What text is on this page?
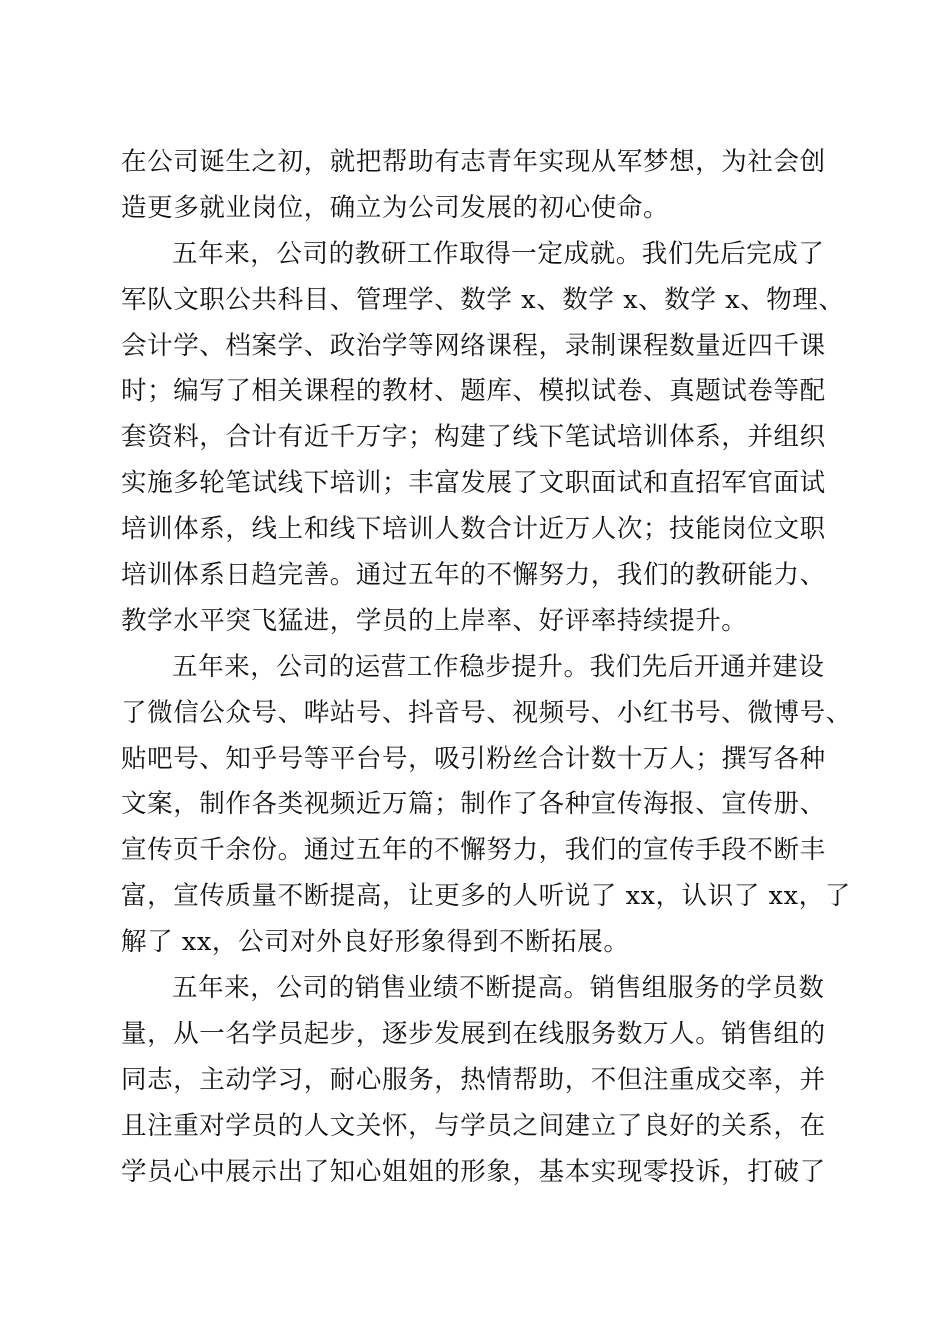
在公司诞生之初，就把帮助有志青年实现从军梦想，为社会创
造更多就业岗位，确立为公司发展的初心使命。
五年来，公司的教研工作取得一定成就。我们先后完成了
军队文职公共科目、管理学、数学 x、数学 x、数学 x、物理、
会计学、档案学、政治学等网络课程，录制课程数量近四千课
时；编写了相关课程的教材、题库、模拟试卷、真题试卷等配
套资料，合计有近千万字；构建了线下笔试培训体系，并组织
实施多轮笔试线下培训；丰富发展了文职面试和直招军官面试
培训体系，线上和线下培训人数合计近万人次；技能岗位文职
培训体系日趋完善。通过五年的不懈努力，我们的教研能力、
教学水平突飞猛进，学员的上岸率、好评率持续提升。
五年来，公司的运营工作稳步提升。我们先后开通并建设
了微信公众号、哔站号、抖音号、视频号、小红书号、微博号、
贴吧号、知乎号等平台号，吸引粉丝合计数十万人；撰写各种
文案，制作各类视频近万篇；制作了各种宣传海报、宣传册、
宣传页千余份。通过五年的不懈努力，我们的宣传手段不断丰
富，宣传质量不断提高，让更多的人听说了 xx，认识了 xx，了
解了 xx，公司对外良好形象得到不断拓展。
五年来，公司的销售业绩不断提高。销售组服务的学员数
量，从一名学员起步，逐步发展到在线服务数万人。销售组的
同志，主动学习，耐心服务，热情帮助，不但注重成交率，并
且注重对学员的人文关怀，与学员之间建立了良好的关系，在
学员心中展示出了知心姐姐的形象，基本实现零投诉，打破了
